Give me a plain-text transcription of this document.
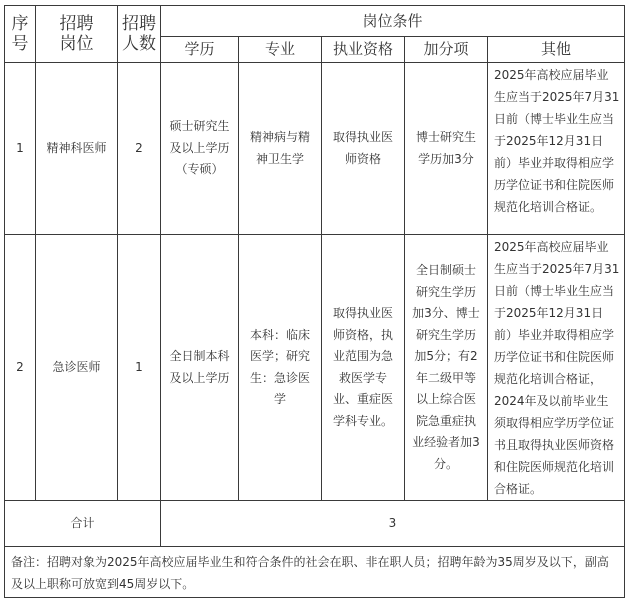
序号	招聘岗位	招聘人数	岗位条件				
			学历	专业	执业资格	加分项	其他
1	精神科医师	2	硕士研究生及以上学历（专硕）	精神病与精神卫生学	取得执业医师资格	博士研究生学历加3分	2025年高校应届毕业生应当于2025年7月31日前（博士毕业生应当于2025年12月31日前）毕业并取得相应学历学位证书和住院医师规范化培训合格证。
2	急诊医师	1	全日制本科及以上学历	本科：临床医学；研究生：急诊医学	取得执业医师资格，执业范围为急救医学专业、重症医学科专业。	全日制硕士研究生学历加3分、博士研究生学历加5分；有2年二级甲等以上综合医院急重症执业经验者加3分。	2025年高校应届毕业生应当于2025年7月31日前（博士毕业生应当于2025年12月31日前）毕业并取得相应学历学位证书和住院医师规范化培训合格证，2024年及以前毕业生须取得相应学历学位证书且取得执业医师资格和住院医师规范化培训合格证。
合计			3				
备注：招聘对象为2025年高校应届毕业生和符合条件的社会在职、非在职人员；招聘年龄为35周岁及以下，副高及以上职称可放宽到45周岁以下。							
